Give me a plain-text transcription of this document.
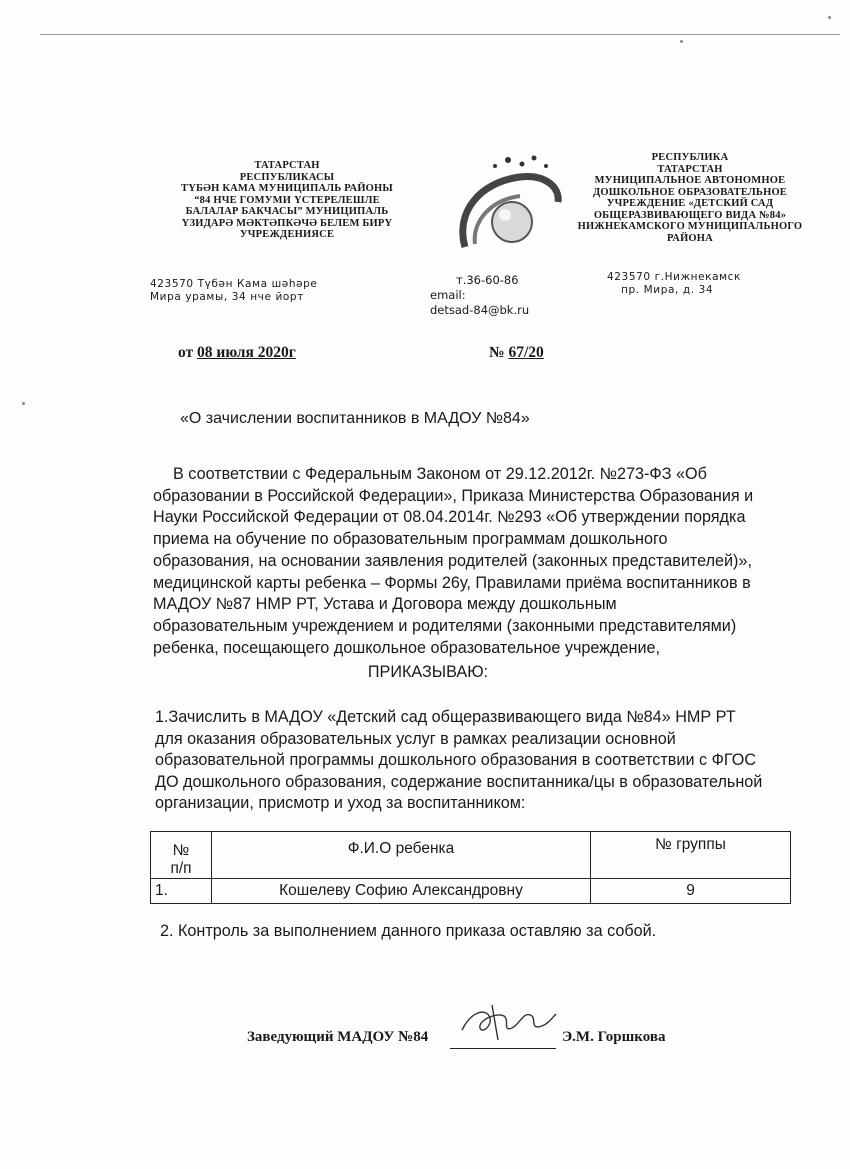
ТАТАРСТАН
РЕСПУБЛИКАСЫ
ТҮБӘН КАМА МУНИЦИПАЛЬ РАЙОНЫ
“84 НЧЕ ГОМУМИ ҮСТЕРЕЛЕШЛЕ
БАЛАЛАР БАКЧАСЫ” МУНИЦИПАЛЬ
ҮЗИДАРӘ МӘКТӘПКӘЧӘ БЕЛЕМ БИРҮ
УЧРЕЖДЕНИЯСЕ
РЕСПУБЛИКА
ТАТАРСТАН
МУНИЦИПАЛЬНОЕ АВТОНОМНОЕ
ДОШКОЛЬНОЕ ОБРАЗОВАТЕЛЬНОЕ
УЧРЕЖДЕНИЕ «ДЕТСКИЙ САД
ОБЩЕРАЗВИВАЮЩЕГО ВИДА №84»
НИЖНЕКАМСКОГО МУНИЦИПАЛЬНОГО
РАЙОНА
423570 Түбән Кама шәһәре
Мира урамы, 34 нче йорт
т.36-60-86
email:
detsad-84@bk.ru
423570 г.Нижнекамск
пр. Мира, д. 34
от 08 июля 2020г	№ 67/20
«О зачислении воспитанников в МАДОУ №84»
В соответствии с Федеральным Законом от 29.12.2012г. №273-ФЗ «Об
образовании в Российской Федерации», Приказа Министерства Образования и
Науки Российской Федерации от 08.04.2014г. №293 «Об утверждении порядка
приема на обучение по образовательным программам дошкольного
образования, на основании заявления родителей (законных представителей)»,
медицинской карты ребенка – Формы 26у, Правилами приёма воспитанников в
МАДОУ №87 НМР РТ, Устава и Договора между дошкольным
образовательным учреждением и родителями (законными представителями)
ребенка, посещающего дошкольное образовательное учреждение,
ПРИКАЗЫВАЮ:
1.Зачислить в МАДОУ «Детский сад общеразвивающего вида №84» НМР РТ
для оказания образовательных услуг в рамках реализации основной
образовательной программы дошкольного образования в соответствии с ФГОС
ДО дошкольного образования, содержание воспитанника/цы в образовательной
организации, присмотр и уход за воспитанником:
№
п/п	Ф.И.О ребенка	№ группы

1.	Кошелеву Софию Александровну	9
2. Контроль за выполнением данного приказа оставляю за собой.
Заведующий МАДОУ №84	Э.М. Горшкова
